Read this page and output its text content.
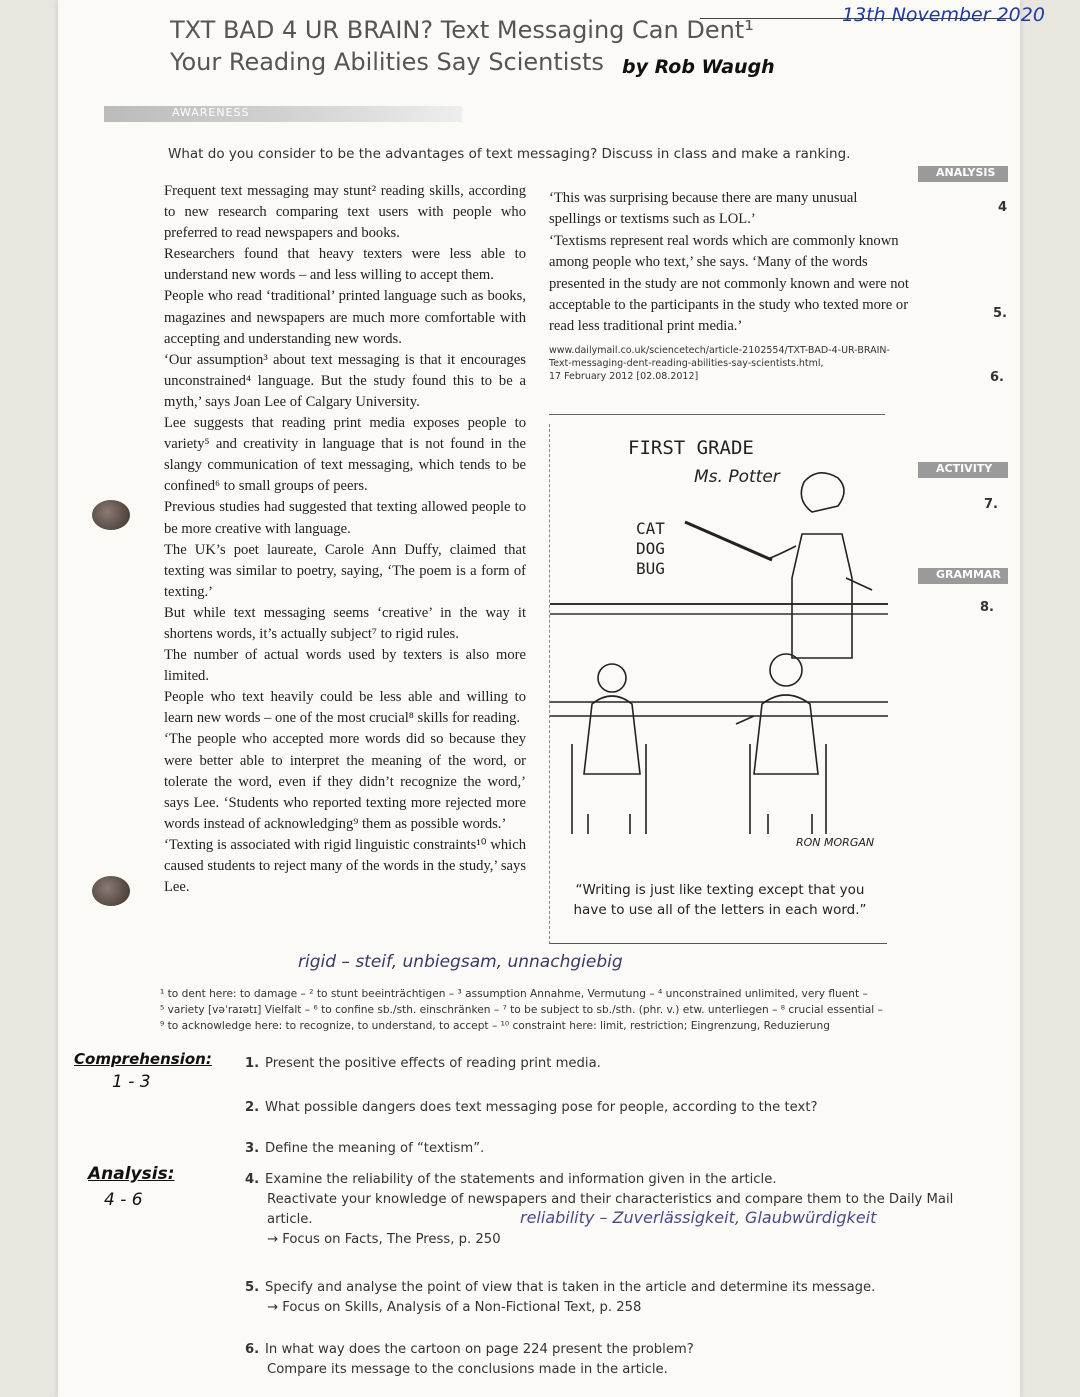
TXT BAD 4 UR BRAIN? Text Messaging Can Dent¹
Your Reading Abilities Say Scientists by Rob Waugh
13th November 2020
AWARENESS
What do you consider to be the advantages of text messaging? Discuss in class and make a ranking.

Frequent text messaging may stunt² reading skills, according to new research comparing text users with people who preferred to read newspapers and books.

Researchers found that heavy texters were less able to understand new words – and less willing to accept them.

People who read ‘traditional’ printed language such as books, magazines and newspapers are much more comfortable with accepting and understanding new words.

‘Our assumption³ about text messaging is that it encourages unconstrained⁴ language. But the study found this to be a myth,’ says Joan Lee of Calgary University.

Lee suggests that reading print media exposes people to variety⁵ and creativity in language that is not found in the slangy communication of text messaging, which tends to be confined⁶ to small groups of peers.

Previous studies had suggested that texting allowed people to be more creative with language.

The UK’s poet laureate, Carole Ann Duffy, claimed that texting was similar to poetry, saying, ‘The poem is a form of texting.’

But while text messaging seems ‘creative’ in the way it shortens words, it’s actually subject⁷ to rigid rules.

The number of actual words used by texters is also more limited.

People who text heavily could be less able and willing to learn new words – one of the most crucial⁸ skills for reading.

‘The people who accepted more words did so because they were better able to interpret the meaning of the word, or tolerate the word, even if they didn’t recognize the word,’ says Lee. ‘Students who reported texting more rejected more words instead of acknowledging⁹ them as possible words.’

‘Texting is associated with rigid linguistic constraints¹⁰ which caused students to reject many of the words in the study,’ says Lee.

‘This was surprising because there are many unusual spellings or textisms such as LOL.’

‘Textisms represent real words which are commonly known among people who text,’ she says. ‘Many of the words presented in the study are not commonly known and were not acceptable to the participants in the study who texted more or read less traditional print media.’

www.dailymail.co.uk/sciencetech/article-2102554/TXT-BAD-4-UR-BRAIN-Text-messaging-dent-reading-abilities-say-scientists.html,
17 February 2012 [02.08.2012]
FIRST GRADE
Ms. Potter
CAT
DOG
BUG
RON MORGAN
“Writing is just like texting except that you have to use all of the letters in each word.”
rigid – steif, unbiegsam, unnachgiebig
¹ to dent here: to damage – ² to stunt beeinträchtigen – ³ assumption Annahme, Vermutung – ⁴ unconstrained unlimited, very fluent –
⁵ variety [vəˈraɪətɪ] Vielfalt – ⁶ to confine sb./sth. einschränken – ⁷ to be subject to sb./sth. (phr. v.) etw. unterliegen – ⁸ crucial essential –
⁹ to acknowledge here: to recognize, to understand, to accept – ¹⁰ constraint here: limit, restriction; Eingrenzung, Reduzierung
Comprehension:
1 - 3
Analysis:
4 - 6
1. Present the positive effects of reading print media.
2. What possible dangers does text messaging pose for people, according to the text?
3. Define the meaning of “textism”.
4. Examine the reliability of the statements and information given in the article.
Reactivate your knowledge of newspapers and their characteristics and compare them to the Daily Mail
article.
→ Focus on Facts, The Press, p. 250
5. Specify and analyse the point of view that is taken in the article and determine its message.
→ Focus on Skills, Analysis of a Non-Fictional Text, p. 258
6. In what way does the cartoon on page 224 present the problem?
Compare its message to the conclusions made in the article.
reliability – Zuverlässigkeit, Glaubwürdigkeit
ANALYSIS
ACTIVITY
GRAMMAR
4
5.
6.
7.
8.
